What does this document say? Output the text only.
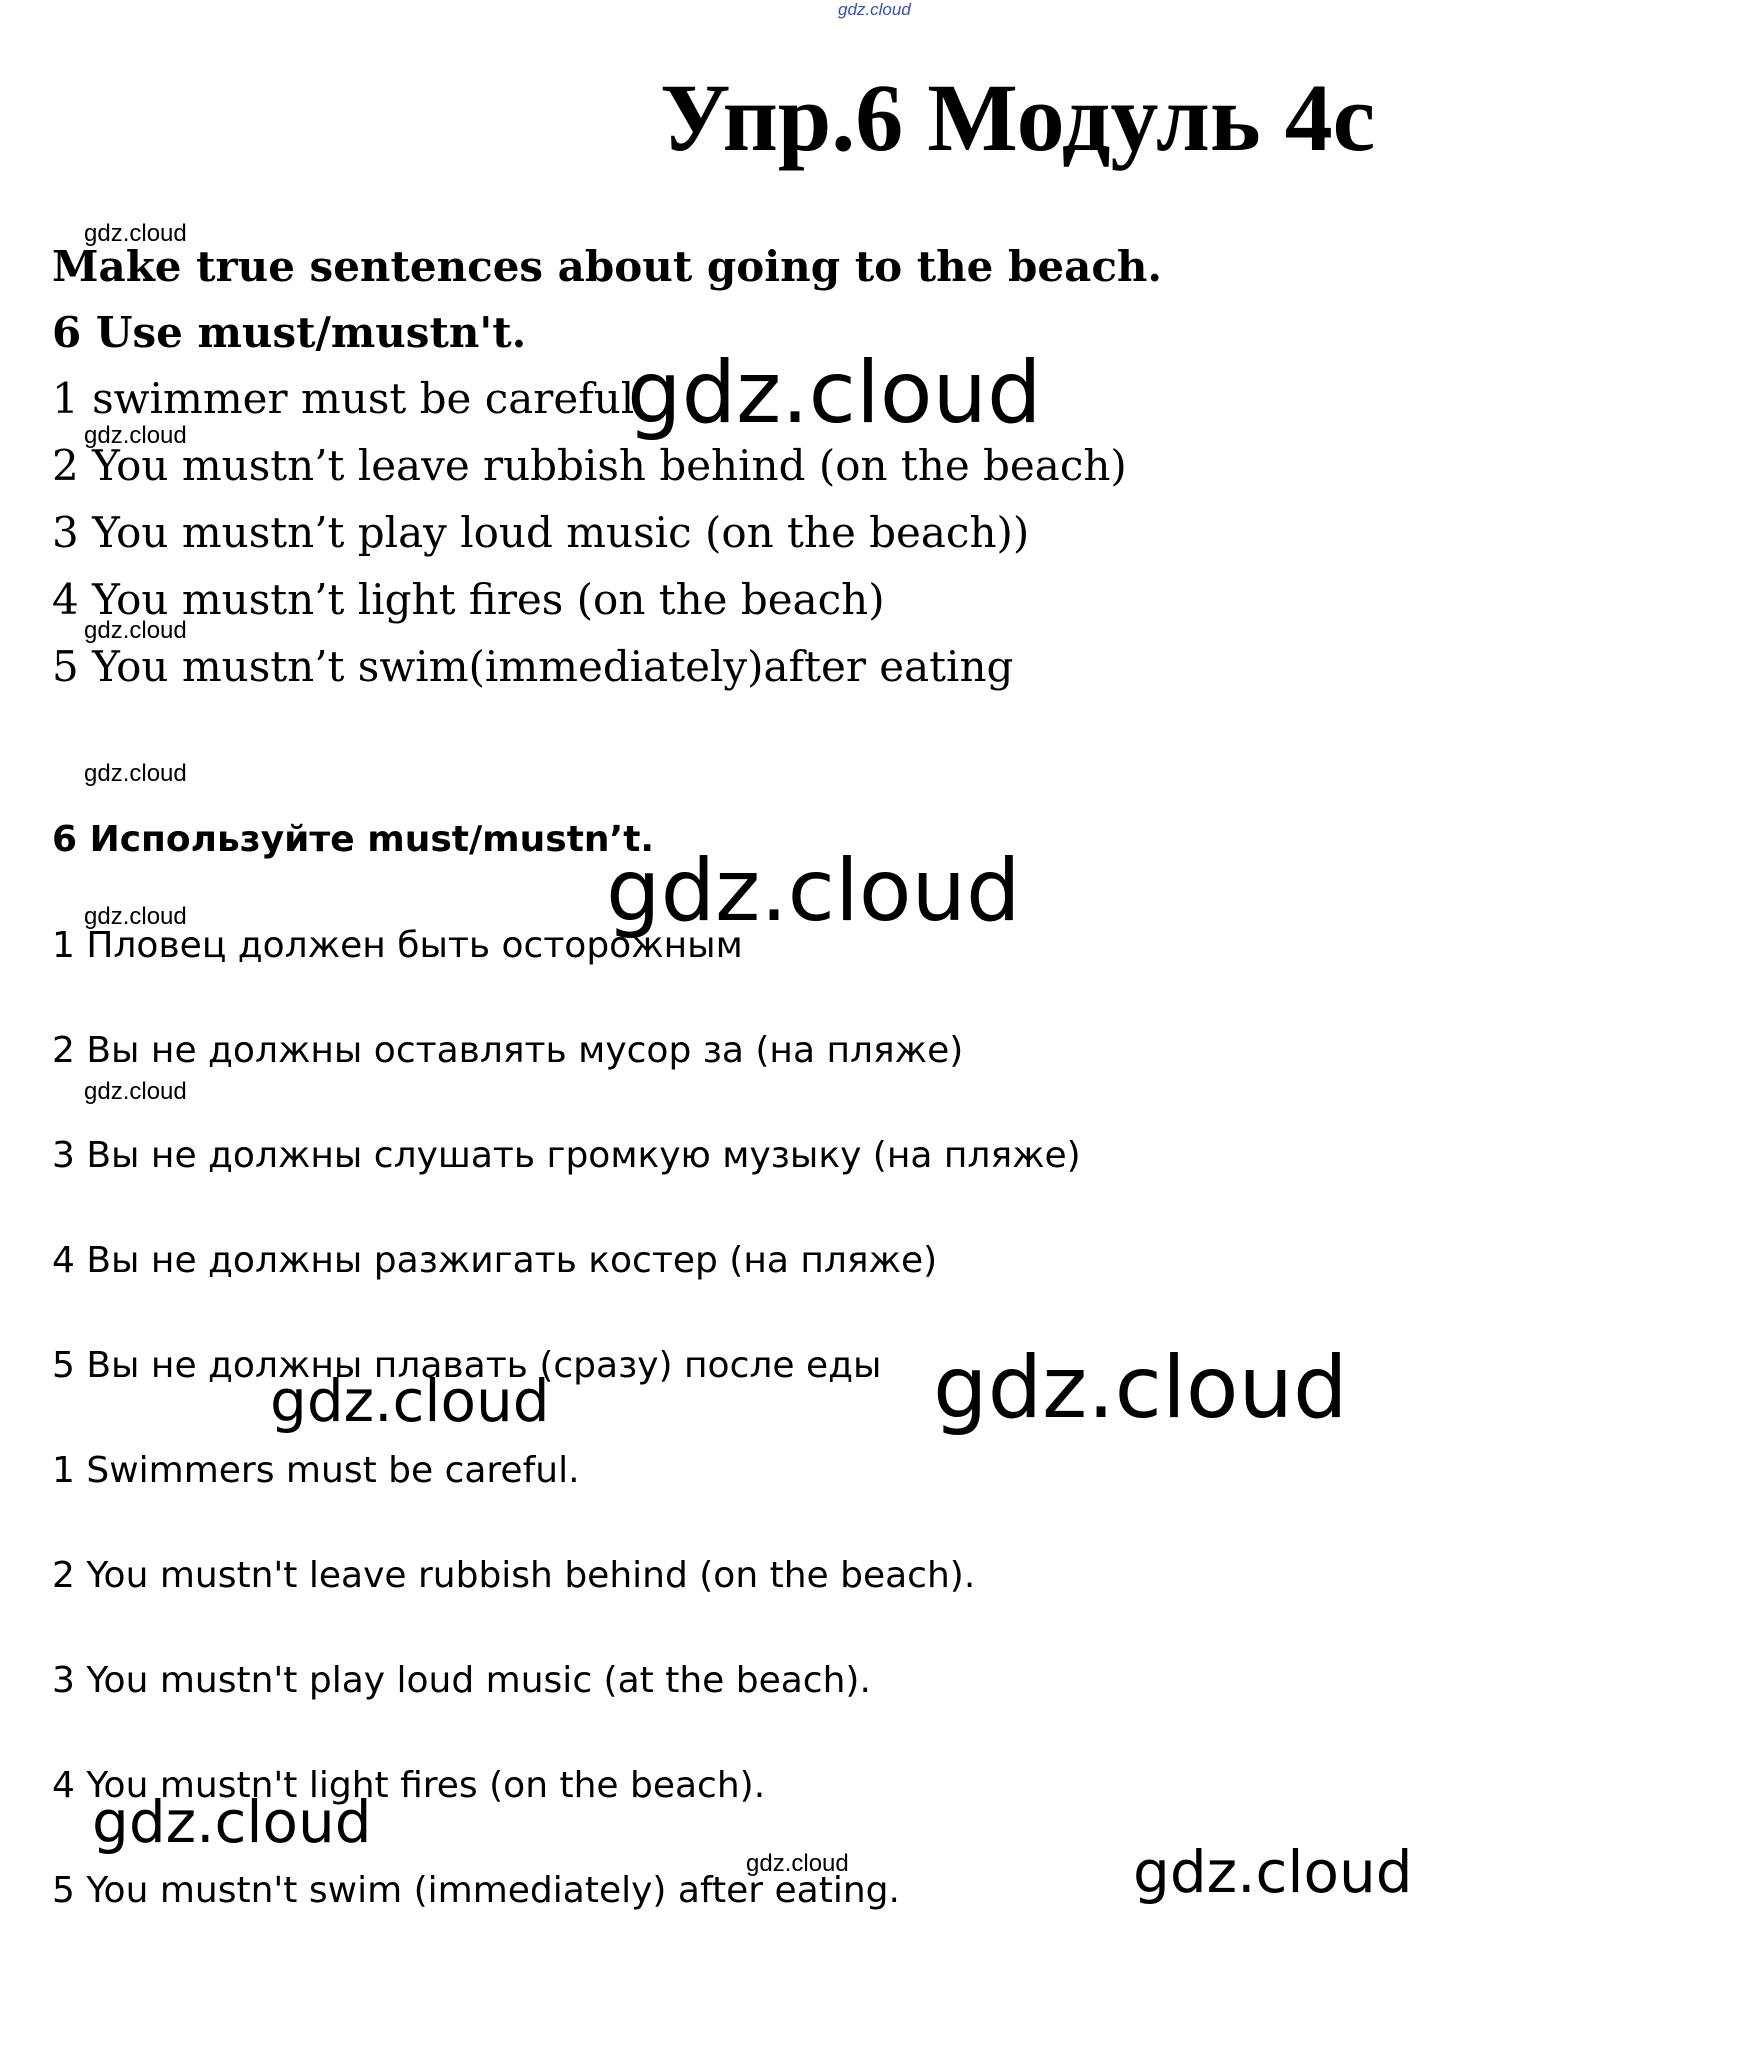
gdz.cloud
Упр.6 Модуль 4с
Make true sentences about going to the beach.
6 Use must/mustn't.
1 swimmer must be careful
2 You mustn’t leave rubbish behind (on the beach)
3 You mustn’t play loud music (on the beach))
4 You mustn’t light fires (on the beach)
5 You mustn’t swim(immediately)after eating
6 Используйте must/mustn’t.
1 Пловец должен быть осторожным
2 Вы не должны оставлять мусор за (на пляже)
3 Вы не должны слушать громкую музыку (на пляже)
4 Вы не должны разжигать костер (на пляже)
5 Вы не должны плавать (сразу) после еды
1 Swimmers must be careful.
2 You mustn't leave rubbish behind (on the beach).
3 You mustn't play loud music (at the beach).
4 You mustn't light fires (on the beach).
5 You mustn't swim (immediately) after eating.
gdz.cloud
gdz.cloud
gdz.cloud
gdz.cloud
gdz.cloud
gdz.cloud
gdz.cloud
gdz.cloud
gdz.cloud
gdz.cloud
gdz.cloud
gdz.cloud
gdz.cloud
